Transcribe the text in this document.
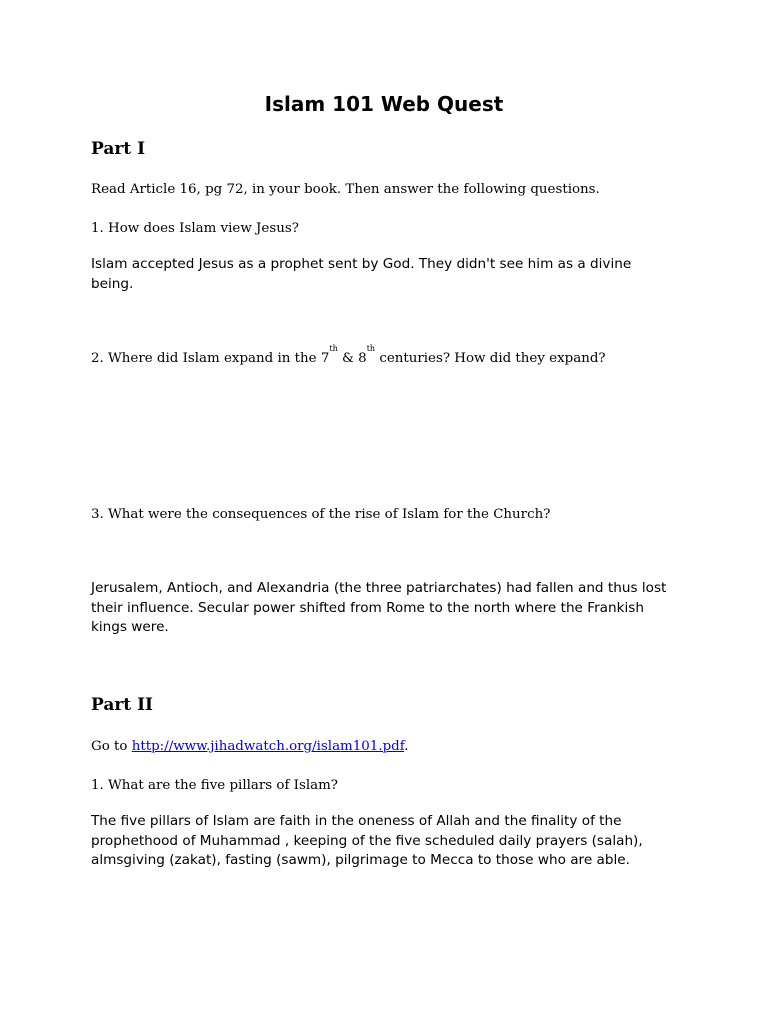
Islam 101 Web Quest
Part I
Read Article 16, pg 72, in your book. Then answer the following questions.
1. How does Islam view Jesus?
Islam accepted Jesus as a prophet sent by God. They didn't see him as a divine
being.
2. Where did Islam expand in the 7th & 8th centuries? How did they expand?
3. What were the consequences of the rise of Islam for the Church?
Jerusalem, Antioch, and Alexandria (the three patriarchates) had fallen and thus lost
their influence. Secular power shifted from Rome to the north where the Frankish
kings were.
Part II
Go to http://www.jihadwatch.org/islam101.pdf.
1. What are the five pillars of Islam?
The five pillars of Islam are faith in the oneness of Allah and the finality of the
prophethood of Muhammad , keeping of the five scheduled daily prayers (salah),
almsgiving (zakat), fasting (sawm), pilgrimage to Mecca to those who are able.
